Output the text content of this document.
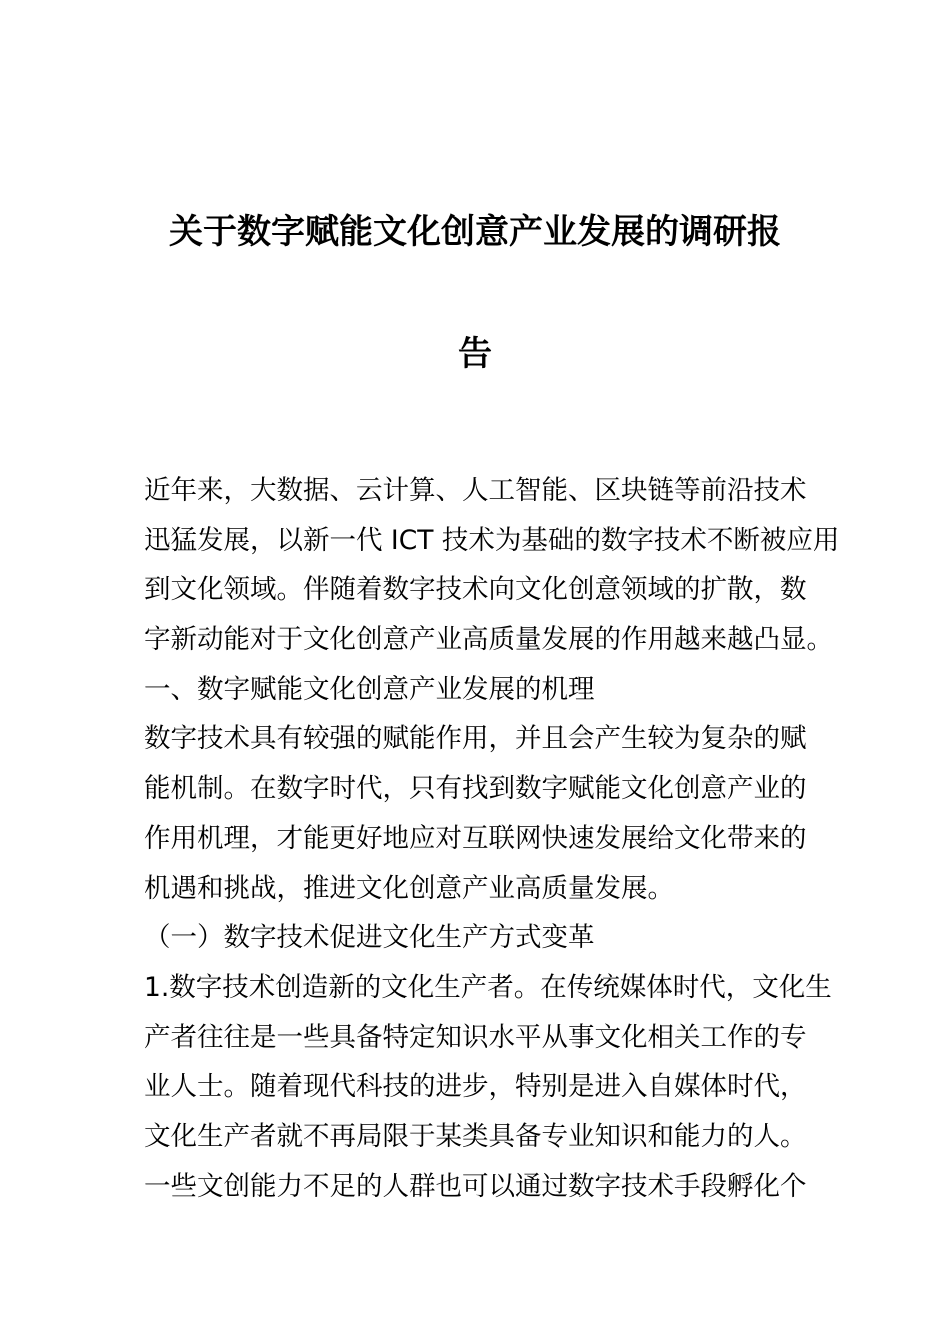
关于数字赋能文化创意产业发展的调研报
告
近年来，大数据、云计算、人工智能、区块链等前沿技术
迅猛发展，以新一代 ICT 技术为基础的数字技术不断被应用
到文化领域。伴随着数字技术向文化创意领域的扩散，数
字新动能对于文化创意产业高质量发展的作用越来越凸显。
一、数字赋能文化创意产业发展的机理
数字技术具有较强的赋能作用，并且会产生较为复杂的赋
能机制。在数字时代，只有找到数字赋能文化创意产业的
作用机理，才能更好地应对互联网快速发展给文化带来的
机遇和挑战，推进文化创意产业高质量发展。
（一）数字技术促进文化生产方式变革
1.数字技术创造新的文化生产者。在传统媒体时代，文化生
产者往往是一些具备特定知识水平从事文化相关工作的专
业人士。随着现代科技的进步，特别是进入自媒体时代，
文化生产者就不再局限于某类具备专业知识和能力的人。
一些文创能力不足的人群也可以通过数字技术手段孵化个
